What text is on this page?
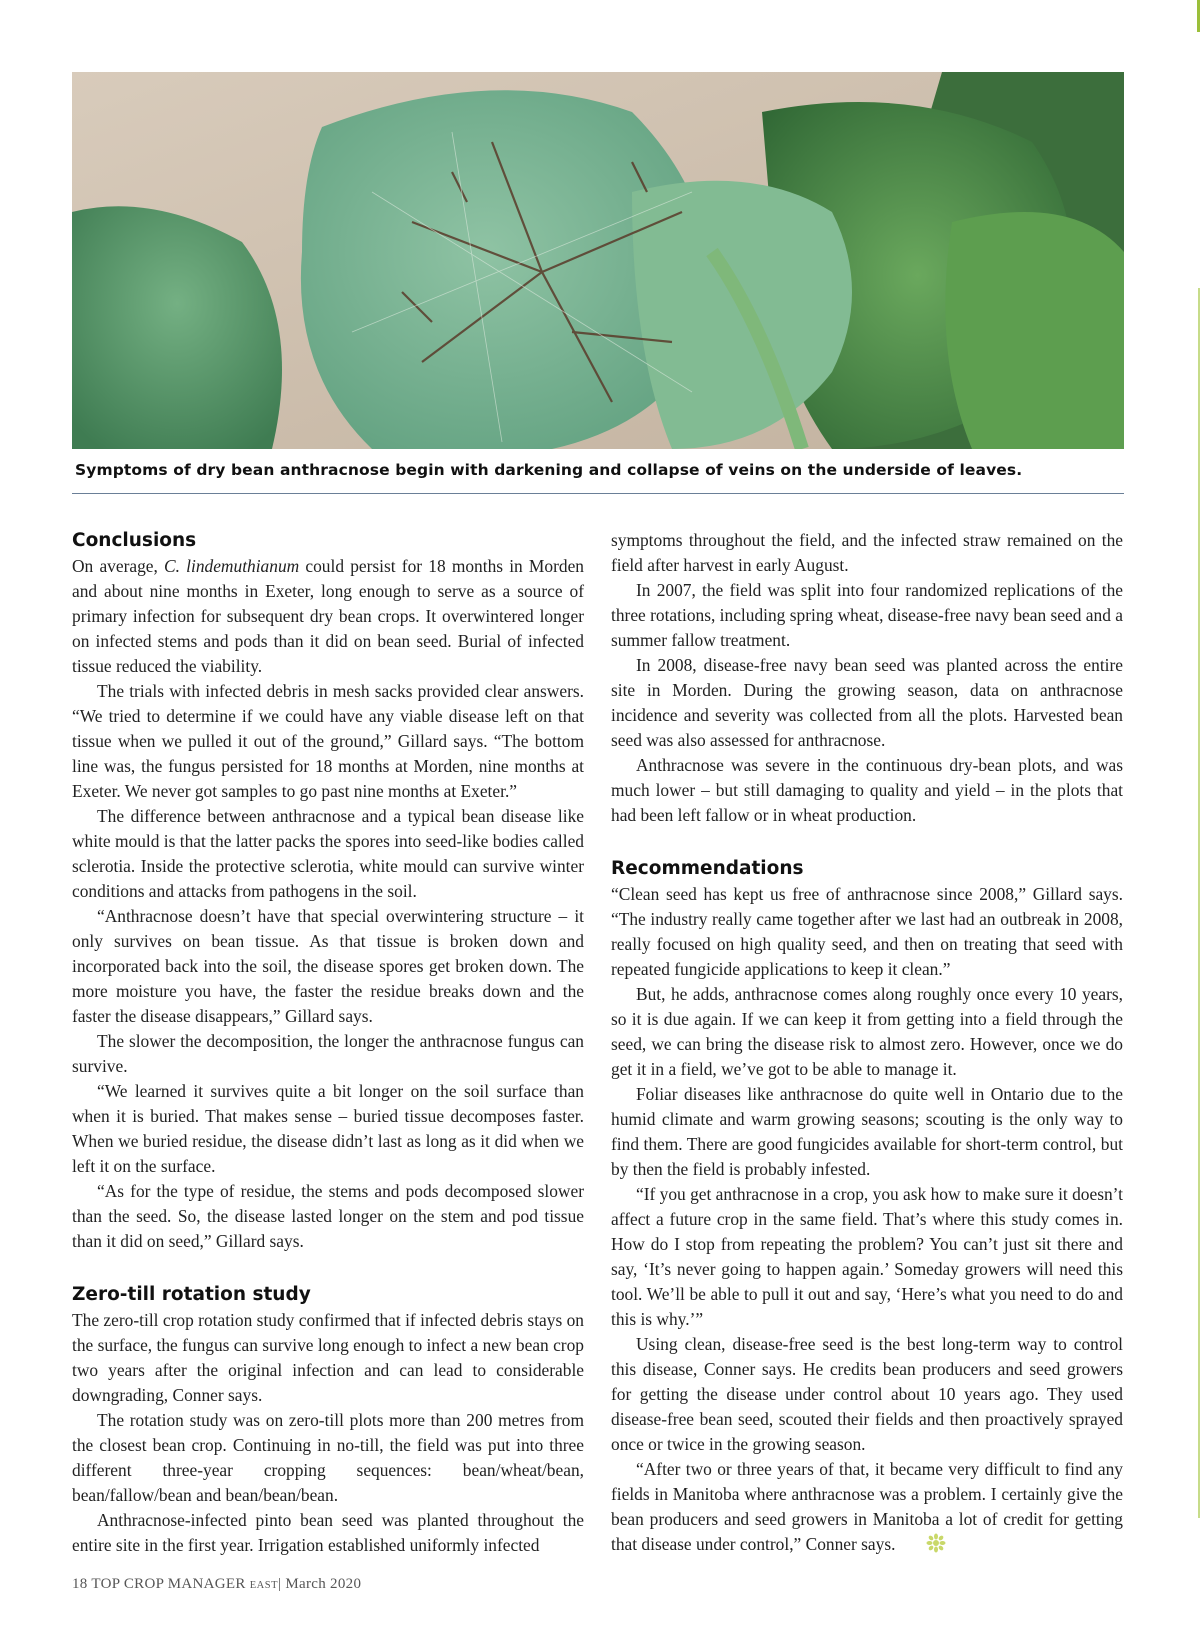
Symptoms of dry bean anthracnose begin with darkening and collapse of veins on the underside of leaves.
Conclusions

On average, C. lindemuthianum could persist for 18 months in Morden and about nine months in Exeter, long enough to serve as a source of primary infection for subsequent dry bean crops. It overwintered longer on infected stems and pods than it did on bean seed. Burial of infected tissue reduced the viability.

The trials with infected debris in mesh sacks provided clear answers. “We tried to determine if we could have any viable disease left on that tissue when we pulled it out of the ground,” Gillard says. “The bottom line was, the fungus persisted for 18 months at Morden, nine months at Exeter. We never got samples to go past nine months at Exeter.”

The difference between anthracnose and a typical bean disease like white mould is that the latter packs the spores into seed-like bodies called sclerotia. Inside the protective sclerotia, white mould can survive winter conditions and attacks from pathogens in the soil.

“Anthracnose doesn’t have that special overwintering structure – it only survives on bean tissue. As that tissue is broken down and incorporated back into the soil, the disease spores get broken down. The more moisture you have, the faster the residue breaks down and the faster the disease disappears,” Gillard says.

The slower the decomposition, the longer the anthracnose fungus can survive.

“We learned it survives quite a bit longer on the soil surface than when it is buried. That makes sense – buried tissue decomposes faster. When we buried residue, the disease didn’t last as long as it did when we left it on the surface.

“As for the type of residue, the stems and pods decomposed slower than the seed. So, the disease lasted longer on the stem and pod tissue than it did on seed,” Gillard says.

Zero-till rotation study

The zero-till crop rotation study confirmed that if infected debris stays on the surface, the fungus can survive long enough to infect a new bean crop two years after the original infection and can lead to considerable downgrading, Conner says.

The rotation study was on zero-till plots more than 200 metres from the closest bean crop. Continuing in no-till, the field was put into three different three-year cropping sequences: bean/wheat/bean, bean/fallow/bean and bean/bean/bean.

Anthracnose-infected pinto bean seed was planted throughout the entire site in the first year. Irrigation established uniformly infected

symptoms throughout the field, and the infected straw remained on the field after harvest in early August.

In 2007, the field was split into four randomized replications of the three rotations, including spring wheat, disease-free navy bean seed and a summer fallow treatment.

In 2008, disease-free navy bean seed was planted across the entire site in Morden. During the growing season, data on anthracnose incidence and severity was collected from all the plots. Harvested bean seed was also assessed for anthracnose.

Anthracnose was severe in the continuous dry-bean plots, and was much lower – but still damaging to quality and yield – in the plots that had been left fallow or in wheat production.

Recommendations

“Clean seed has kept us free of anthracnose since 2008,” Gillard says. “The industry really came together after we last had an outbreak in 2008, really focused on high quality seed, and then on treating that seed with repeated fungicide applications to keep it clean.”

But, he adds, anthracnose comes along roughly once every 10 years, so it is due again. If we can keep it from getting into a field through the seed, we can bring the disease risk to almost zero. However, once we do get it in a field, we’ve got to be able to manage it.

Foliar diseases like anthracnose do quite well in Ontario due to the humid climate and warm growing seasons; scouting is the only way to find them. There are good fungicides available for short-term control, but by then the field is probably infested.

“If you get anthracnose in a crop, you ask how to make sure it doesn’t affect a future crop in the same field. That’s where this study comes in. How do I stop from repeating the problem? You can’t just sit there and say, ‘It’s never going to happen again.’ Someday growers will need this tool. We’ll be able to pull it out and say, ‘Here’s what you need to do and this is why.’”

Using clean, disease-free seed is the best long-term way to control this disease, Conner says. He credits bean producers and seed growers for getting the disease under control about 10 years ago. They used disease-free bean seed, scouted their fields and then proactively sprayed once or twice in the growing season.

“After two or three years of that, it became very difficult to find any fields in Manitoba where anthracnose was a problem. I certainly give the bean producers and seed growers in Manitoba a lot of credit for getting that disease under control,” Conner says.

18 TOP CROP MANAGER EAST| March 2020
